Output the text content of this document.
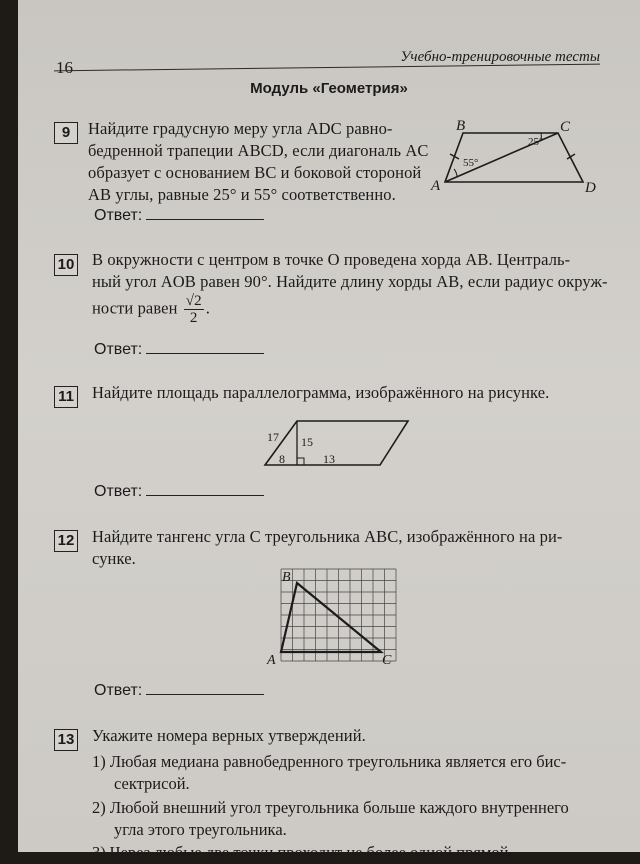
16
Учебно-тренировочные тесты
Модуль «Геометрия»
9	Найдите градусную меру угла ADC равно-
бедренной трапеции ABCD, если диагональ AC
образует с основанием BC и боковой стороной
AB углы, равные 25° и 55° соответственно.
B	C
A	D
25°
55°
Ответ:
10 В окружности с центром в точке O проведена хорда AB. Централь-
ный угол AOB равен 90°. Найдите длину хорды AB, если радиус окруж-
ности равен $\frac{√2}{2}$ .
Ответ:
11 Найдите площадь параллелограмма, изображённого на рисунке.
17 15
8	13
Ответ:
12 Найдите тангенс угла C треугольника ABC, изображённого на ри-
сунке.
B
A	C
Ответ:
13 Укажите номера верных утверждений.
1) Любая медиана равнобедренного треугольника является его бис-
сектрисой.
2) Любой внешний угол треугольника больше каждого внутреннего
угла этого треугольника.
3) Через любые две точки проходит не более одной прямой.
